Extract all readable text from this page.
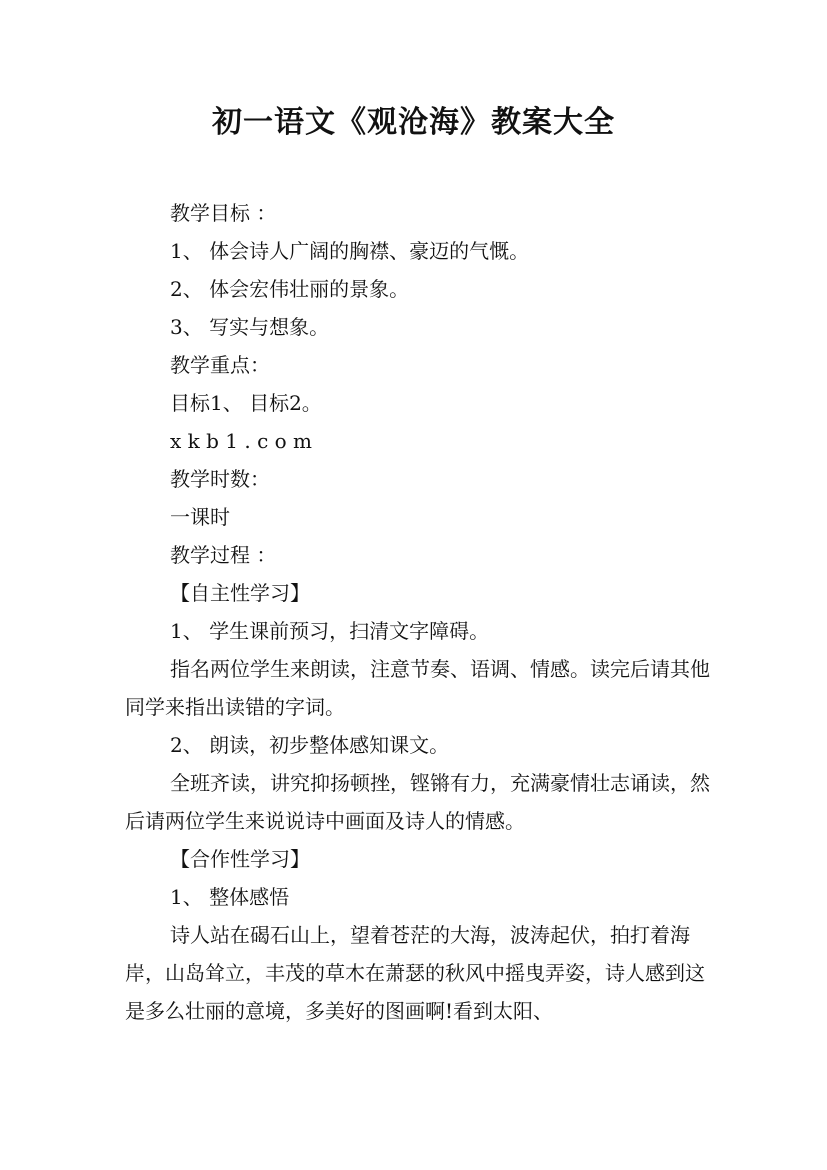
初一语文《观沧海》教案大全

教学目标 ：

1、 体会诗人广阔的胸襟、豪迈的气慨。

2、 体会宏伟壮丽的景象。

3、 写实与想象。

教学重点：

目标1、 目标2。

x k b 1 . c o m

教学时数：

一课时

教学过程 ：

【自主性学习】

1、 学生课前预习，扫清文字障碍。

指名两位学生来朗读，注意节奏、语调、情感。读完后请其他同学来指出读错的字词。

2、 朗读，初步整体感知课文。

全班齐读，讲究抑扬顿挫，铿锵有力，充满豪情壮志诵读，然后请两位学生来说说诗中画面及诗人的情感。

【合作性学习】

1、 整体感悟

诗人站在碣石山上，望着苍茫的大海，波涛起伏，拍打着海岸，山岛耸立，丰茂的草木在萧瑟的秋风中摇曳弄姿，诗人感到这是多么壮丽的意境，多美好的图画啊!看到太阳、
